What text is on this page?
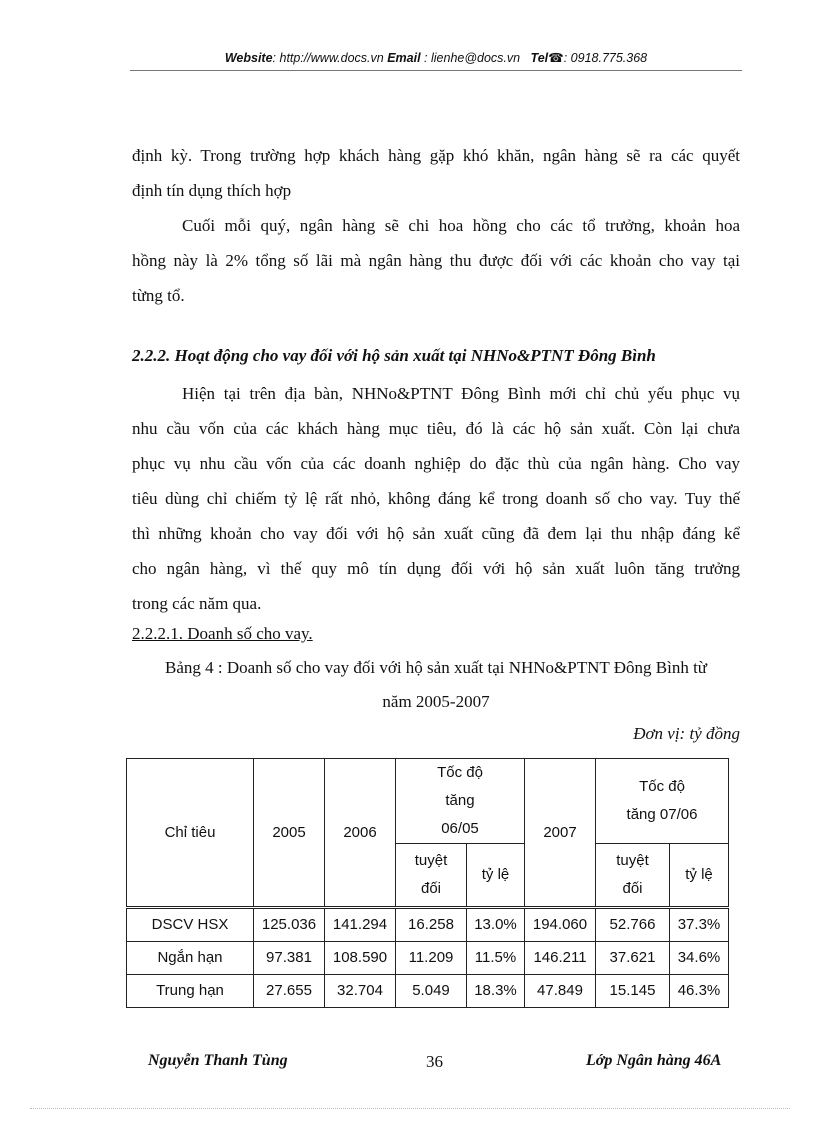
Website: http://www.docs.vn Email : lienhe@docs.vn Tel☎: 0918.775.368
định kỳ. Trong trường hợp khách hàng gặp khó khăn, ngân hàng sẽ ra các quyết
định tín dụng thích hợp
Cuối mỗi quý, ngân hàng sẽ chi hoa hồng cho các tổ trưởng, khoản hoa
hồng này là 2% tổng số lãi mà ngân hàng thu được đối với các khoản cho vay tại
từng tổ.
2.2.2. Hoạt động cho vay đối với hộ sản xuất tại NHNo&PTNT Đông Bình
Hiện tại trên địa bàn, NHNo&PTNT Đông Bình mới chỉ chủ yếu phục vụ
nhu cầu vốn của các khách hàng mục tiêu, đó là các hộ sản xuất. Còn lại chưa
phục vụ nhu cầu vốn của các doanh nghiệp do đặc thù của ngân hàng. Cho vay
tiêu dùng chỉ chiếm tỷ lệ rất nhỏ, không đáng kể trong doanh số cho vay. Tuy thế
thì những khoản cho vay đối với hộ sản xuất cũng đã đem lại thu nhập đáng kể
cho ngân hàng, vì thế quy mô tín dụng đối với hộ sản xuất luôn tăng trưởng
trong các năm qua.
2.2.2.1. Doanh số cho vay.
Bảng 4 : Doanh số cho vay đối với hộ sản xuất tại NHNo&PTNT Đông Bình từ
năm 2005-2007
Đơn vị: tỷ đồng
Chỉ tiêu	2005	2006	Tốc độ tăng 06/05		2007	Tốc độ tăng 07/06	
			tuyệt đối	tỷ lệ		tuyệt đối	tỷ lệ
DSCV HSX	125.036	141.294	16.258	13.0%	194.060	52.766	37.3%
Ngắn hạn	97.381	108.590	11.209	11.5%	146.211	37.621	34.6%
Trung hạn	27.655	32.704	5.049	18.3%	47.849	15.145	46.3%
Nguyễn Thanh Tùng	36	Lớp Ngân hàng 46A
